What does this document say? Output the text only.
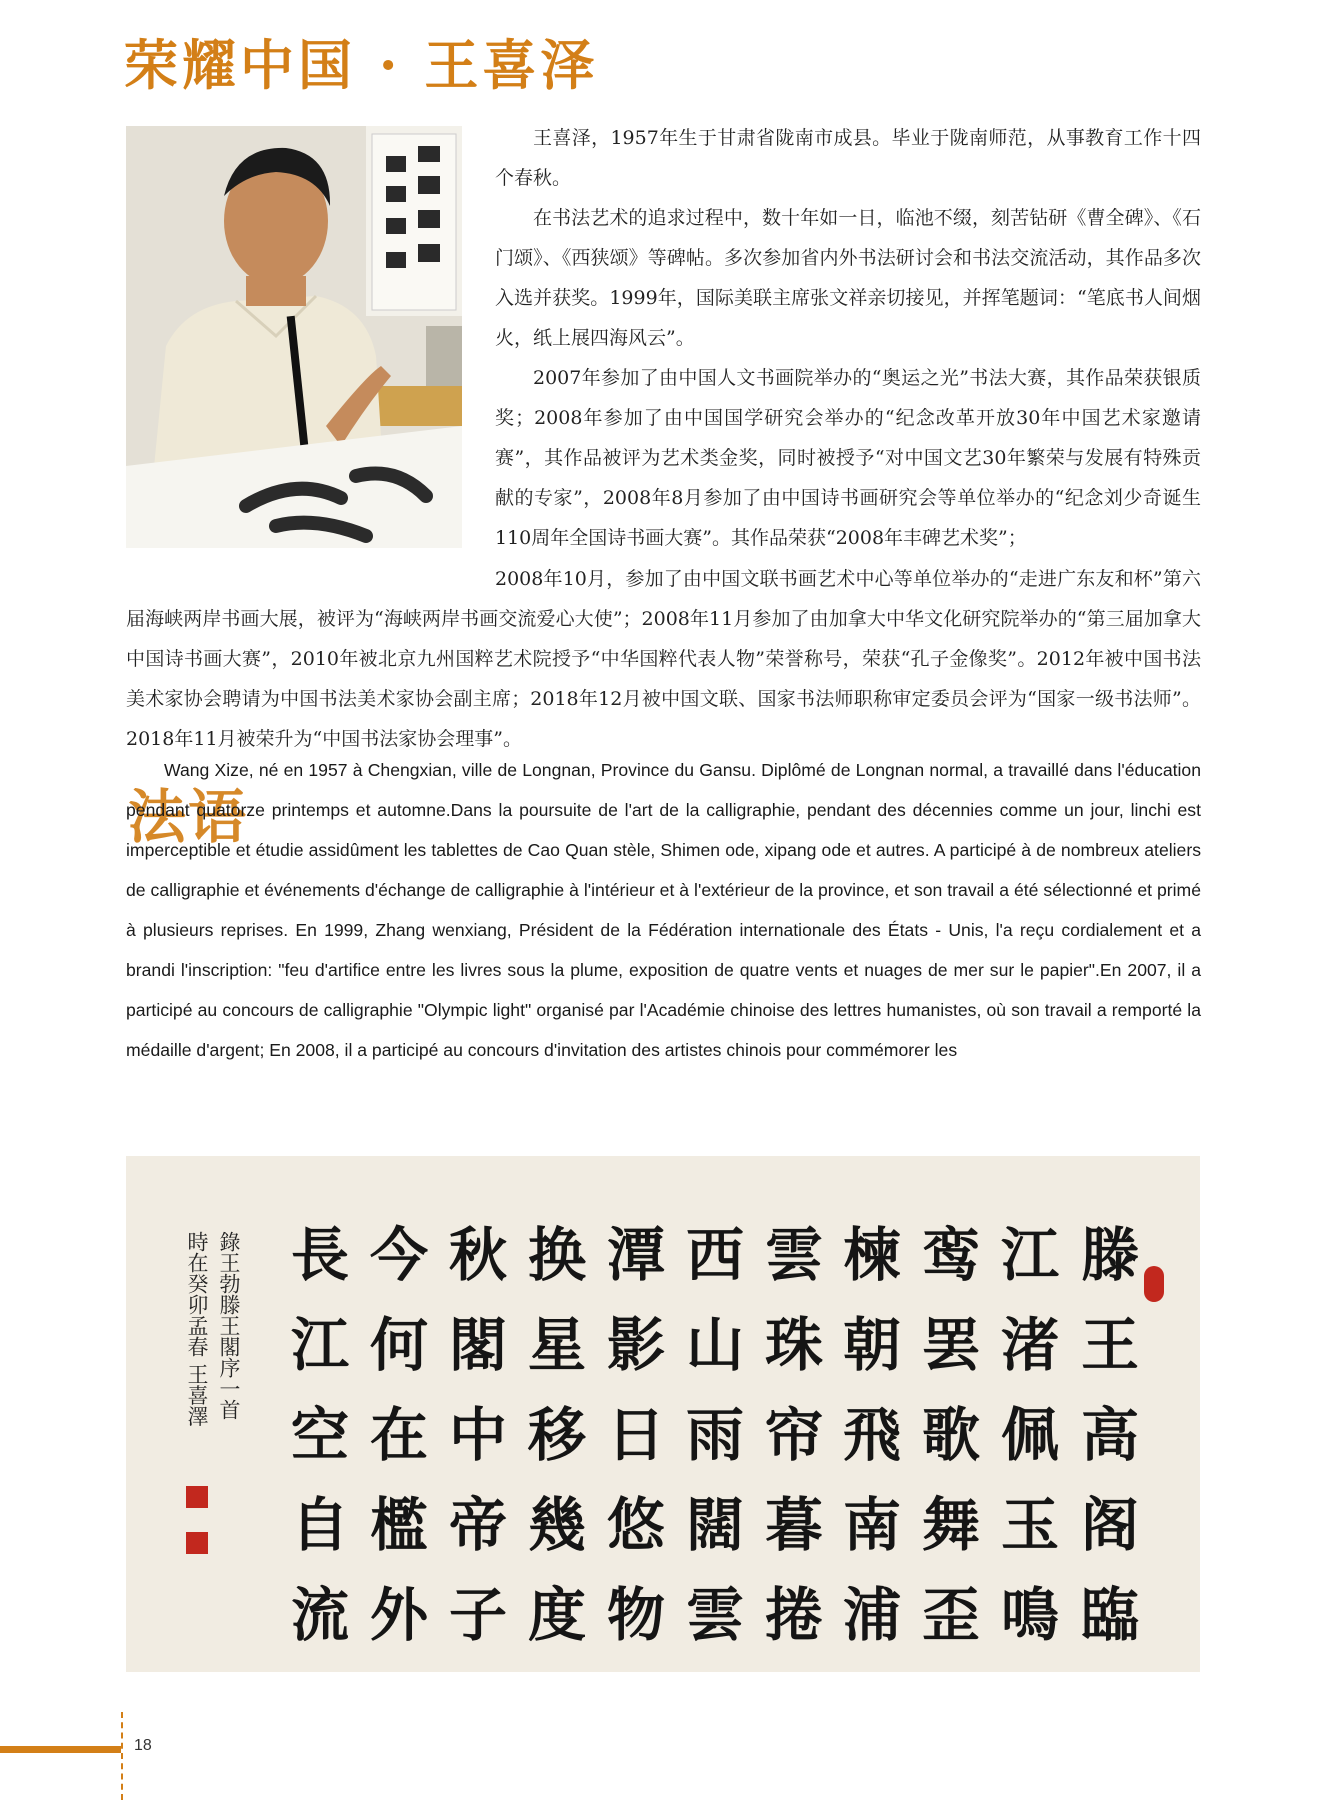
荣耀中国 · 王喜泽

王喜泽，1957年生于甘肃省陇南市成县。毕业于陇南师范，从事教育工作十四个春秋。

在书法艺术的追求过程中，数十年如一日，临池不缀，刻苦钻研《曹全碑》、《石门颂》、《西狭颂》等碑帖。多次参加省内外书法研讨会和书法交流活动，其作品多次入选并获奖。1999年，国际美联主席张文祥亲切接见，并挥笔题词：“笔底书人间烟火，纸上展四海风云”。

2007年参加了由中国人文书画院举办的“奥运之光”书法大赛，其作品荣获银质奖；2008年参加了由中国国学研究会举办的“纪念改革开放30年中国艺术家邀请赛”，其作品被评为艺术类金奖，同时被授予“对中国文艺30年繁荣与发展有特殊贡献的专家”，2008年8月参加了由中国诗书画研究会等单位举办的“纪念刘少奇诞生110周年全国诗书画大赛”。其作品荣获“2008年丰碑艺术奖”；

2008年10月，参加了由中国文联书画艺术中心等单位举办的“走进广东友和杯”第六届海峡两岸书画大展，被评为“海峡两岸书画交流爱心大使”；2008年11月参加了由加拿大中华文化研究院举办的“第三届加拿大中国诗书画大赛”，2010年被北京九州国粹艺术院授予“中华国粹代表人物”荣誉称号，荣获“孔子金像奖”。2012年被中国书法美术家协会聘请为中国书法美术家协会副主席；2018年12月被中国文联、国家书法师职称审定委员会评为“国家一级书法师”。2018年11月被荣升为“中国书法家协会理事”。

法语

Wang Xize, né en 1957 à Chengxian, ville de Longnan, Province du Gansu. Diplômé de Longnan normal, a travaillé dans l'éducation pendant quatorze printemps et automne.Dans la poursuite de l'art de la calligraphie, pendant des décennies comme un jour, linchi est imperceptible et étudie assidûment les tablettes de Cao Quan stèle, Shimen ode, xipang ode et autres. A participé à de nombreux ateliers de calligraphie et événements d'échange de calligraphie à l'intérieur et à l'extérieur de la province, et son travail a été sélectionné et primé à plusieurs reprises. En 1999, Zhang wenxiang, Président de la Fédération internationale des États - Unis, l'a reçu cordialement et a brandi l'inscription: "feu d'artifice entre les livres sous la plume, exposition de quatre vents et nuages de mer sur le papier".En 2007, il a participé au concours de calligraphie "Olympic light" organisé par l'Académie chinoise des lettres humanistes, où son travail a remporté la médaille d'argent; En 2008, il a participé au concours d'invitation des artistes chinois pour commémorer les

滕
王
高
阁
臨
江
渚
佩
玉
鳴
鸾
罢
歌
舞
歪
楝
朝
飛
南
浦
雲
珠
帘
暮
捲
西
山
雨
闊
雲
潭
影
日
悠
物
换
星
移
幾
度
秋
閣
中
帝
子
今
何
在
檻
外
長
江
空
自
流
錄王勃滕王閣序一首
時在癸卯孟春 王喜澤
18
